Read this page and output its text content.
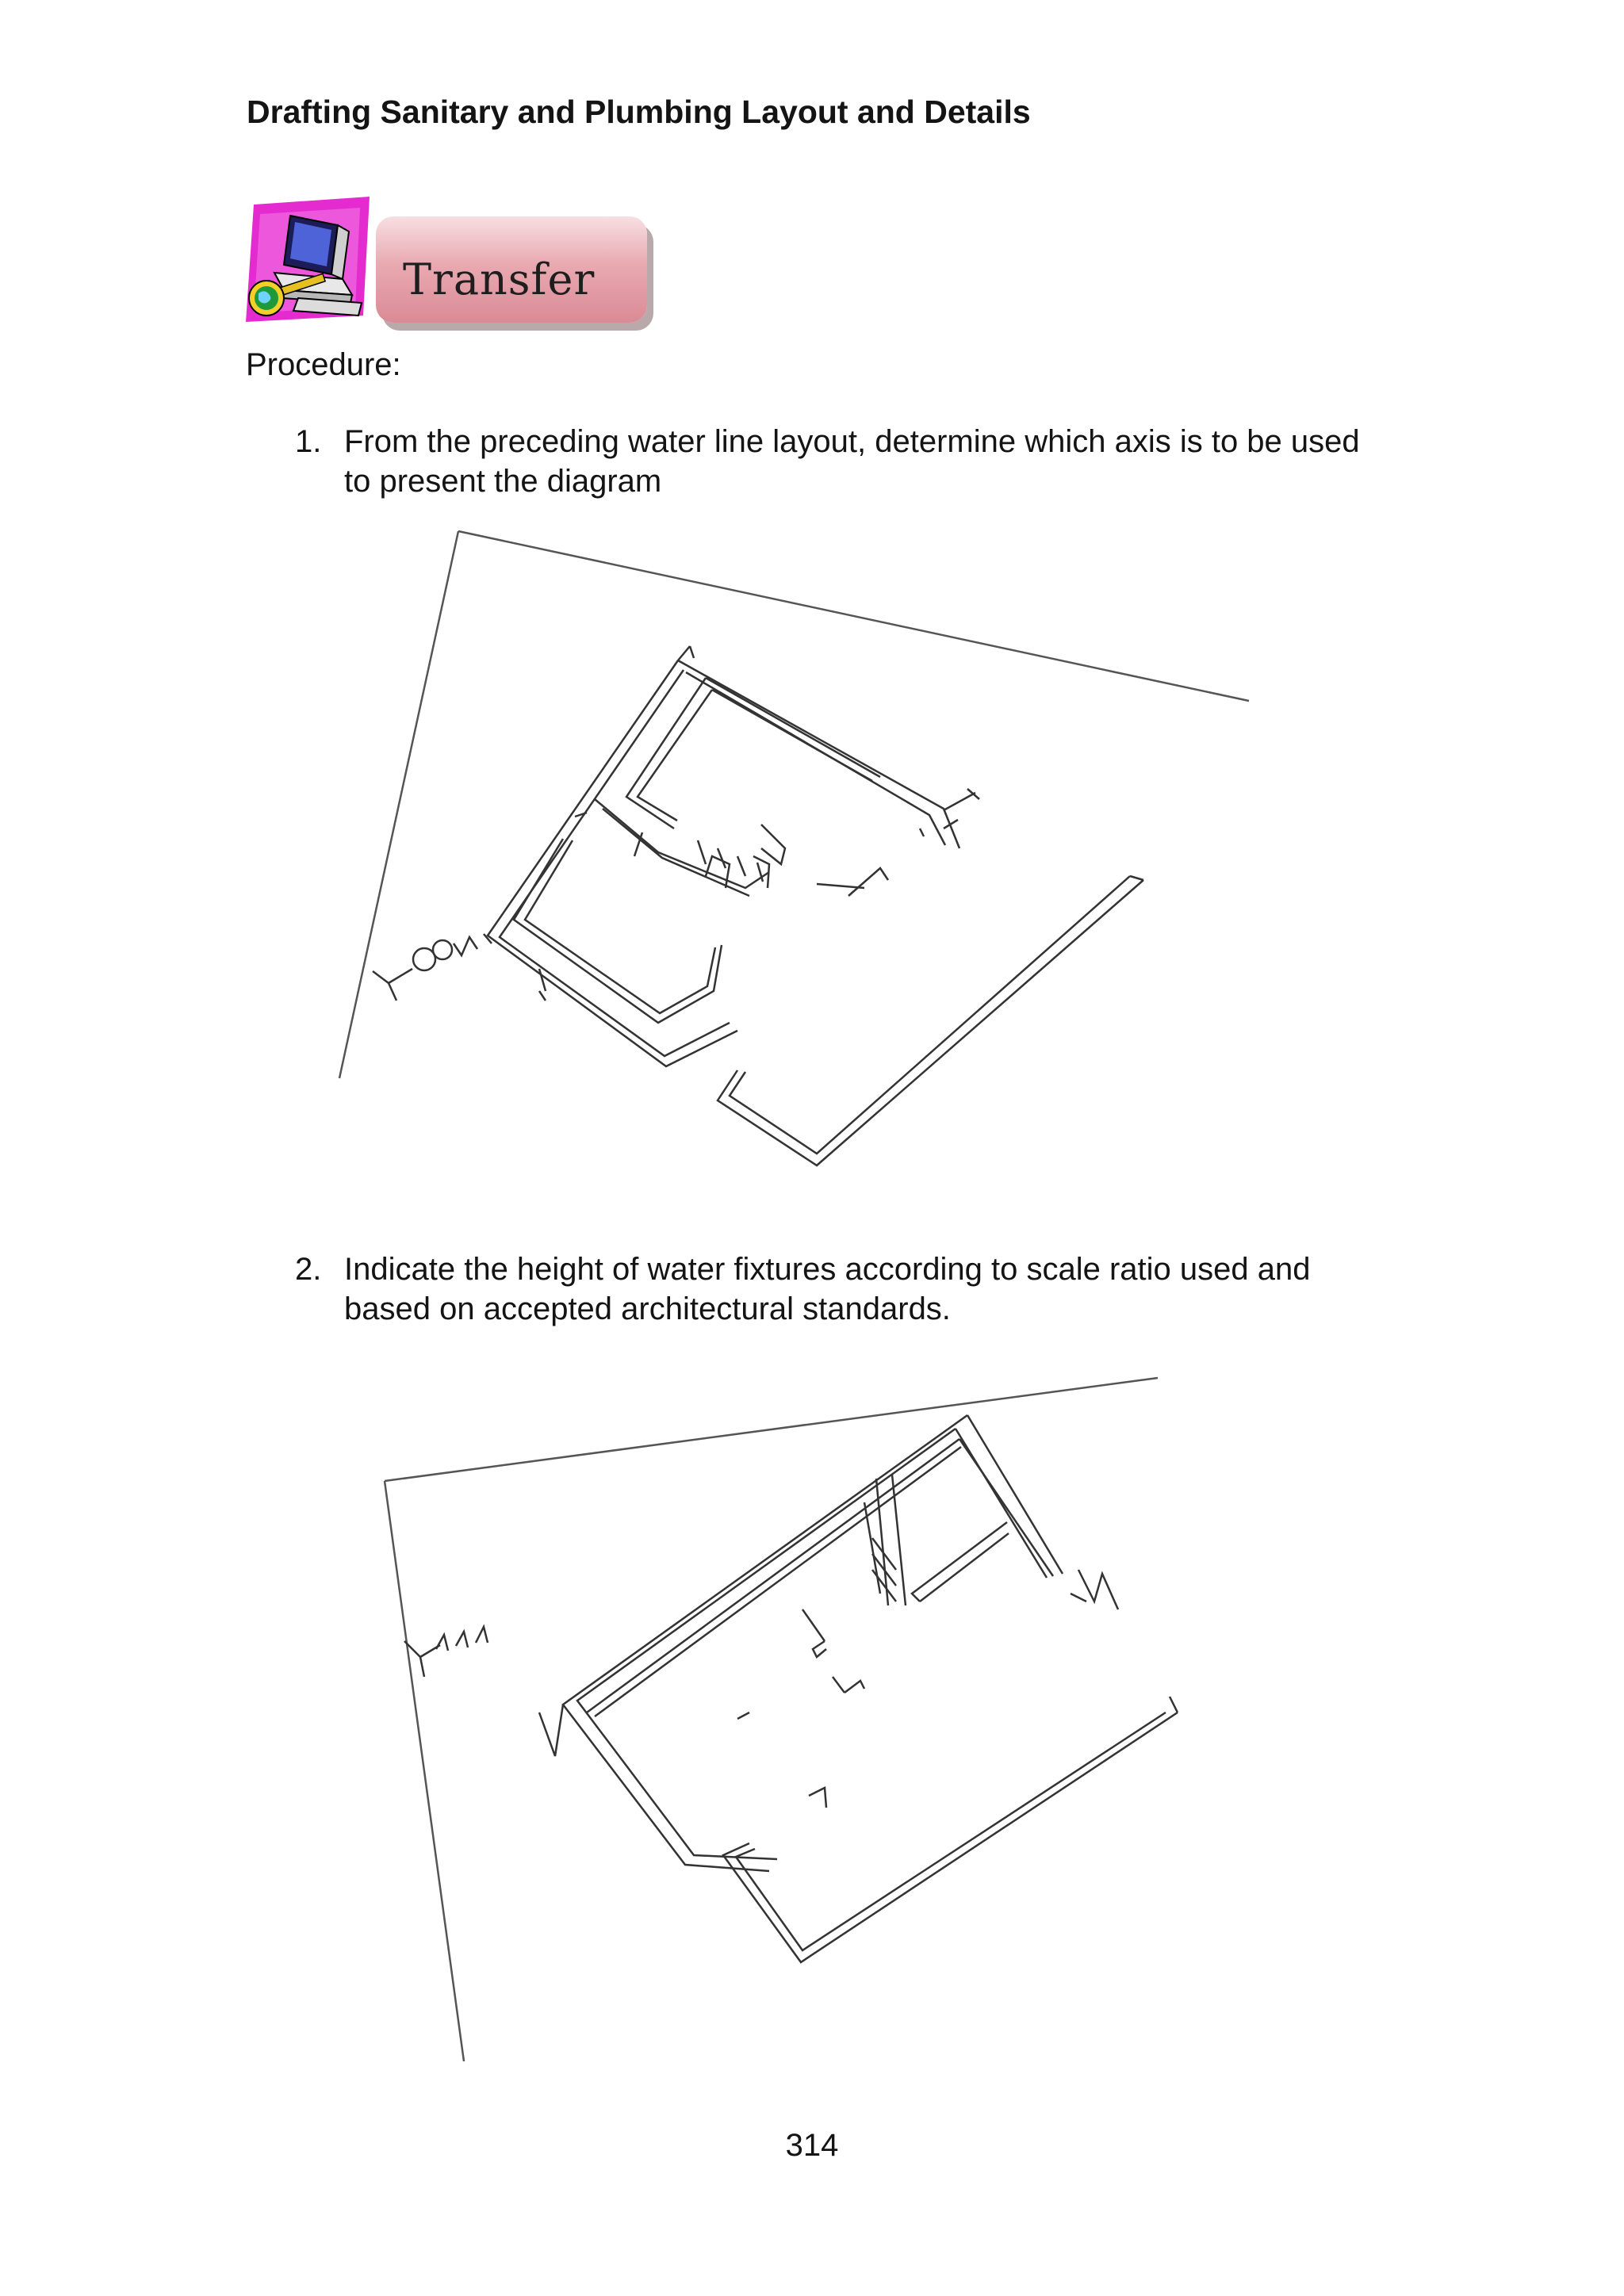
Drafting Sanitary and Plumbing Layout and Details
Transfer
Procedure:
1. From the preceding water line layout, determine which axis is to be used
to present the diagram
2. Indicate the height of water fixtures according to scale ratio used and
based on accepted architectural standards.
314
